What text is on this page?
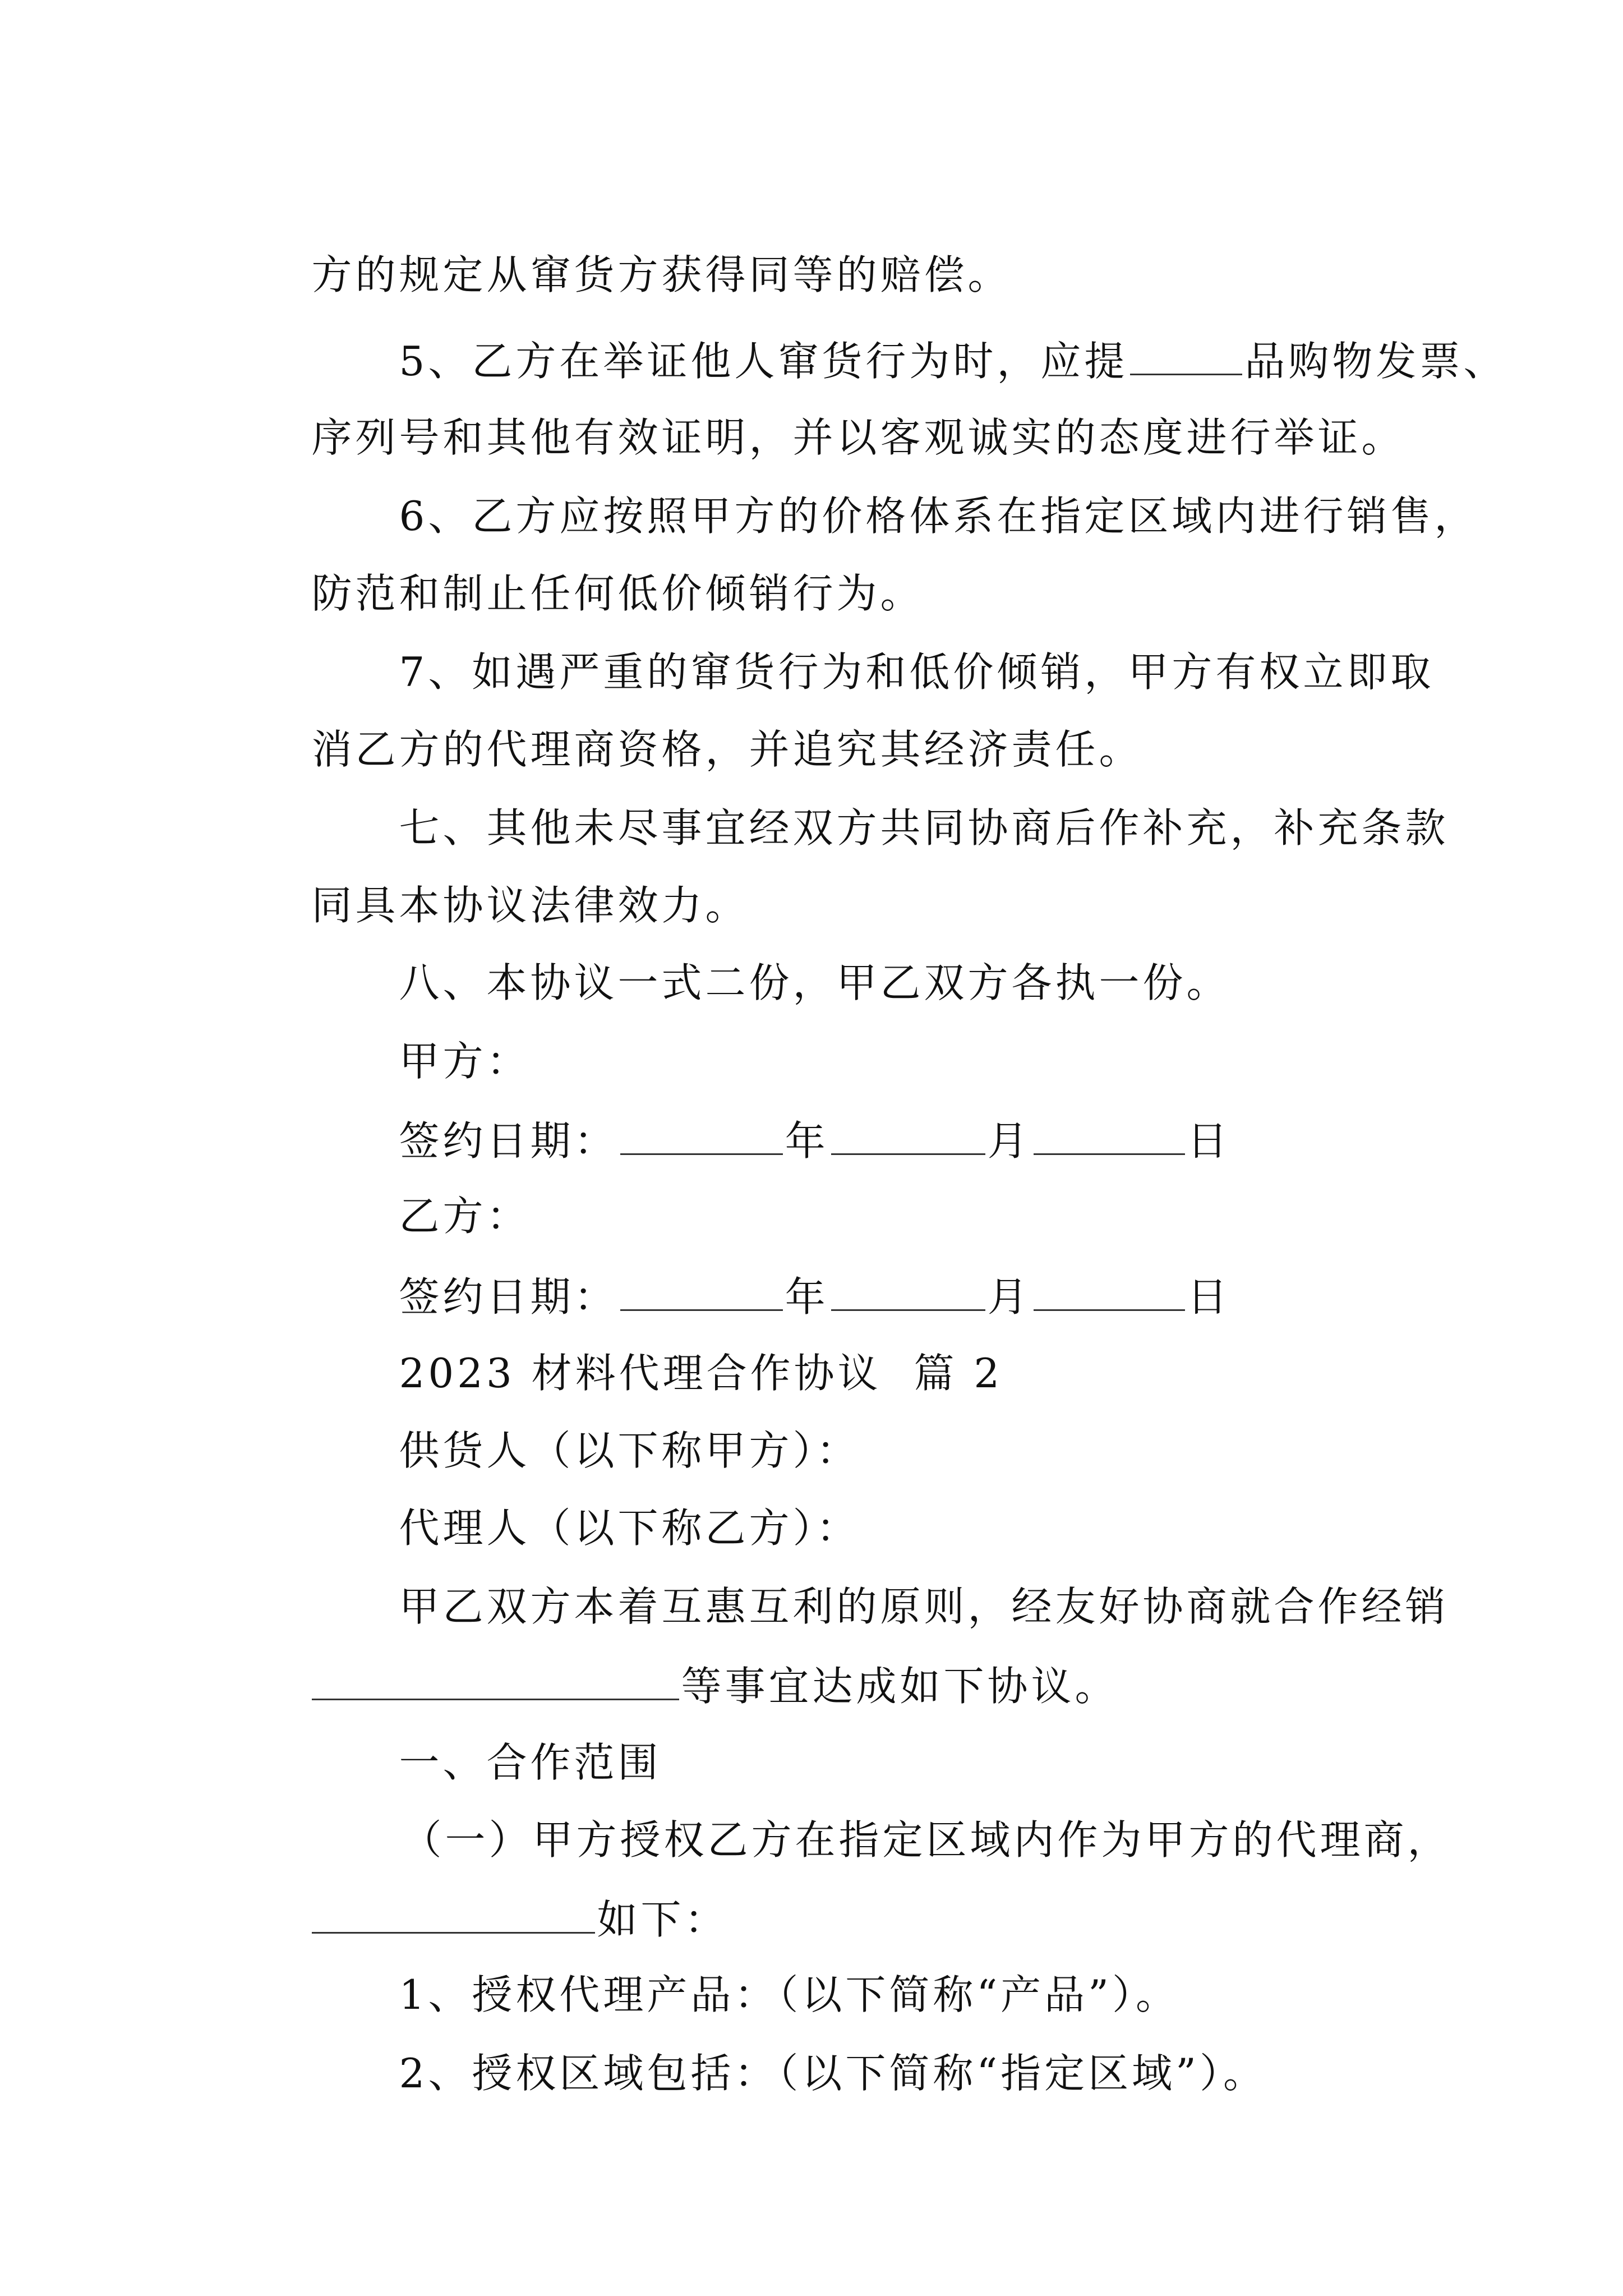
方的规定从窜货方获得同等的赔偿。

5、乙方在举证他人窜货行为时，应提	品购物发票、

序列号和其他有效证明，并以客观诚实的态度进行举证。

6、乙方应按照甲方的价格体系在指定区域内进行销售，

防范和制止任何低价倾销行为。

7、如遇严重的窜货行为和低价倾销，甲方有权立即取

消乙方的代理商资格，并追究其经济责任。

七、其他未尽事宜经双方共同协商后作补充，补充条款

同具本协议法律效力。

八、本协议一式二份，甲乙双方各执一份。

甲方：

签约日期：	年	月	日

乙方：

签约日期：	年	月	日

2023 材料代理合作协议  篇 2

供货人（以下称甲方）：

代理人（以下称乙方）：

甲乙双方本着互惠互利的原则，经友好协商就合作经销

等事宜达成如下协议。

一、合作范围

（一）甲方授权乙方在指定区域内作为甲方的代理商，

如下：

1、授权代理产品：（以下简称“产品”）。

2、授权区域包括：（以下简称“指定区域”）。
